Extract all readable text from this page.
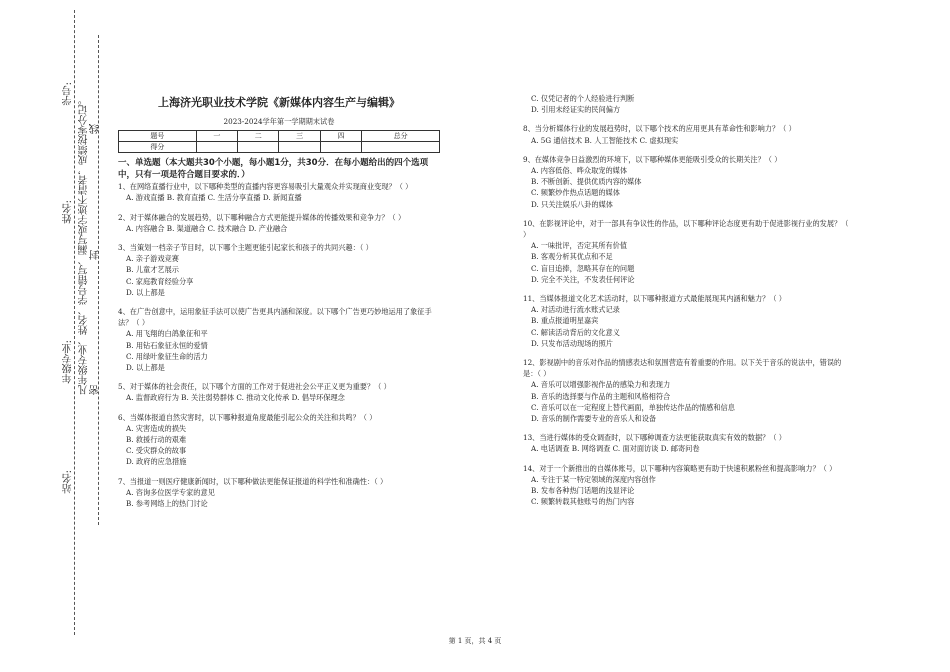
学号:
姓名:
年级专业:
站名:
凡年级专业、姓名、学号错写、漏写或字迹不清者，成绩按零分记。 密
封
线
上海济光职业技术学院《新媒体内容生产与编辑》
2023-2024学年第一学期期末试卷
题号	一	二	三	四	总分
得分					
一、单选题（本大题共30个小题，每小题1分，共30分．在每小题给出的四个选项中，只有一项是符合题目要求的．）
1、在网络直播行业中，以下哪种类型的直播内容更容易吸引大量观众并实现商业变现？（ ）
A. 游戏直播 B. 教育直播 C. 生活分享直播 D. 新闻直播
2、对于媒体融合的发展趋势，以下哪种融合方式更能提升媒体的传播效果和竞争力？（ ）
A. 内容融合 B. 渠道融合 C. 技术融合 D. 产业融合
3、当策划一档亲子节目时，以下哪个主题更能引起家长和孩子的共同兴趣：（ ）
A. 亲子游戏竞赛
B. 儿童才艺展示
C. 家庭教育经验分享
D. 以上都是
4、在广告创意中，运用象征手法可以使广告更具内涵和深度。以下哪个广告更巧妙地运用了象征手法？（ ）
A. 用飞翔的白鸽象征和平
B. 用钻石象征永恒的爱情
C. 用绿叶象征生命的活力
D. 以上都是
5、对于媒体的社会责任，以下哪个方面的工作对于促进社会公平正义更为重要？（ ）
A. 监督政府行为 B. 关注弱势群体 C. 推动文化传承 D. 倡导环保理念
6、当媒体报道自然灾害时，以下哪种报道角度最能引起公众的关注和共鸣？（ ）
A. 灾害造成的损失
B. 救援行动的艰难
C. 受灾群众的故事
D. 政府的应急措施
7、当报道一则医疗健康新闻时，以下哪种做法更能保证报道的科学性和准确性：（ ）
A. 咨询多位医学专家的意见
B. 参考网络上的热门讨论
C. 仅凭记者的个人经验进行判断
D. 引用未经证实的民间偏方
8、当分析媒体行业的发展趋势时，以下哪个技术的应用更具有革命性和影响力？（ ）
A. 5G 通信技术 B. 人工智能技术 C. 虚拟现实
9、在媒体竞争日益激烈的环境下，以下哪种媒体更能吸引受众的长期关注？（ ）
A. 内容低俗、哗众取宠的媒体
B. 不断创新、提供优质内容的媒体
C. 频繁炒作热点话题的媒体
D. 只关注娱乐八卦的媒体
10、在影视评论中，对于一部具有争议性的作品，以下哪种评论态度更有助于促进影视行业的发展？（ ）
A. 一味批评，否定其所有价值
B. 客观分析其优点和不足
C. 盲目追捧，忽略其存在的问题
D. 完全不关注，不发表任何评论
11、当媒体报道文化艺术活动时，以下哪种报道方式最能展现其内涵和魅力？（ ）
A. 对活动进行流水账式记录
B. 重点报道明星嘉宾
C. 解读活动背后的文化意义
D. 只发布活动现场的照片
12、影视剧中的音乐对作品的情感表达和氛围营造有着重要的作用。以下关于音乐的说法中，错误的是：（ ）
A. 音乐可以增强影视作品的感染力和表现力
B. 音乐的选择要与作品的主题和风格相符合
C. 音乐可以在一定程度上替代画面，单独传达作品的情感和信息
D. 音乐的制作需要专业的音乐人和设备
13、当进行媒体的受众调查时，以下哪种调查方法更能获取真实有效的数据？（ ）
A. 电话调查 B. 网络调查 C. 面对面访谈 D. 邮寄问卷
14、对于一个新推出的自媒体账号，以下哪种内容策略更有助于快速积累粉丝和提高影响力？（ ）
A. 专注于某一特定领域的深度内容创作
B. 发布各种热门话题的浅显评论
C. 频繁转载其他账号的热门内容
第 1 页，共 4 页
